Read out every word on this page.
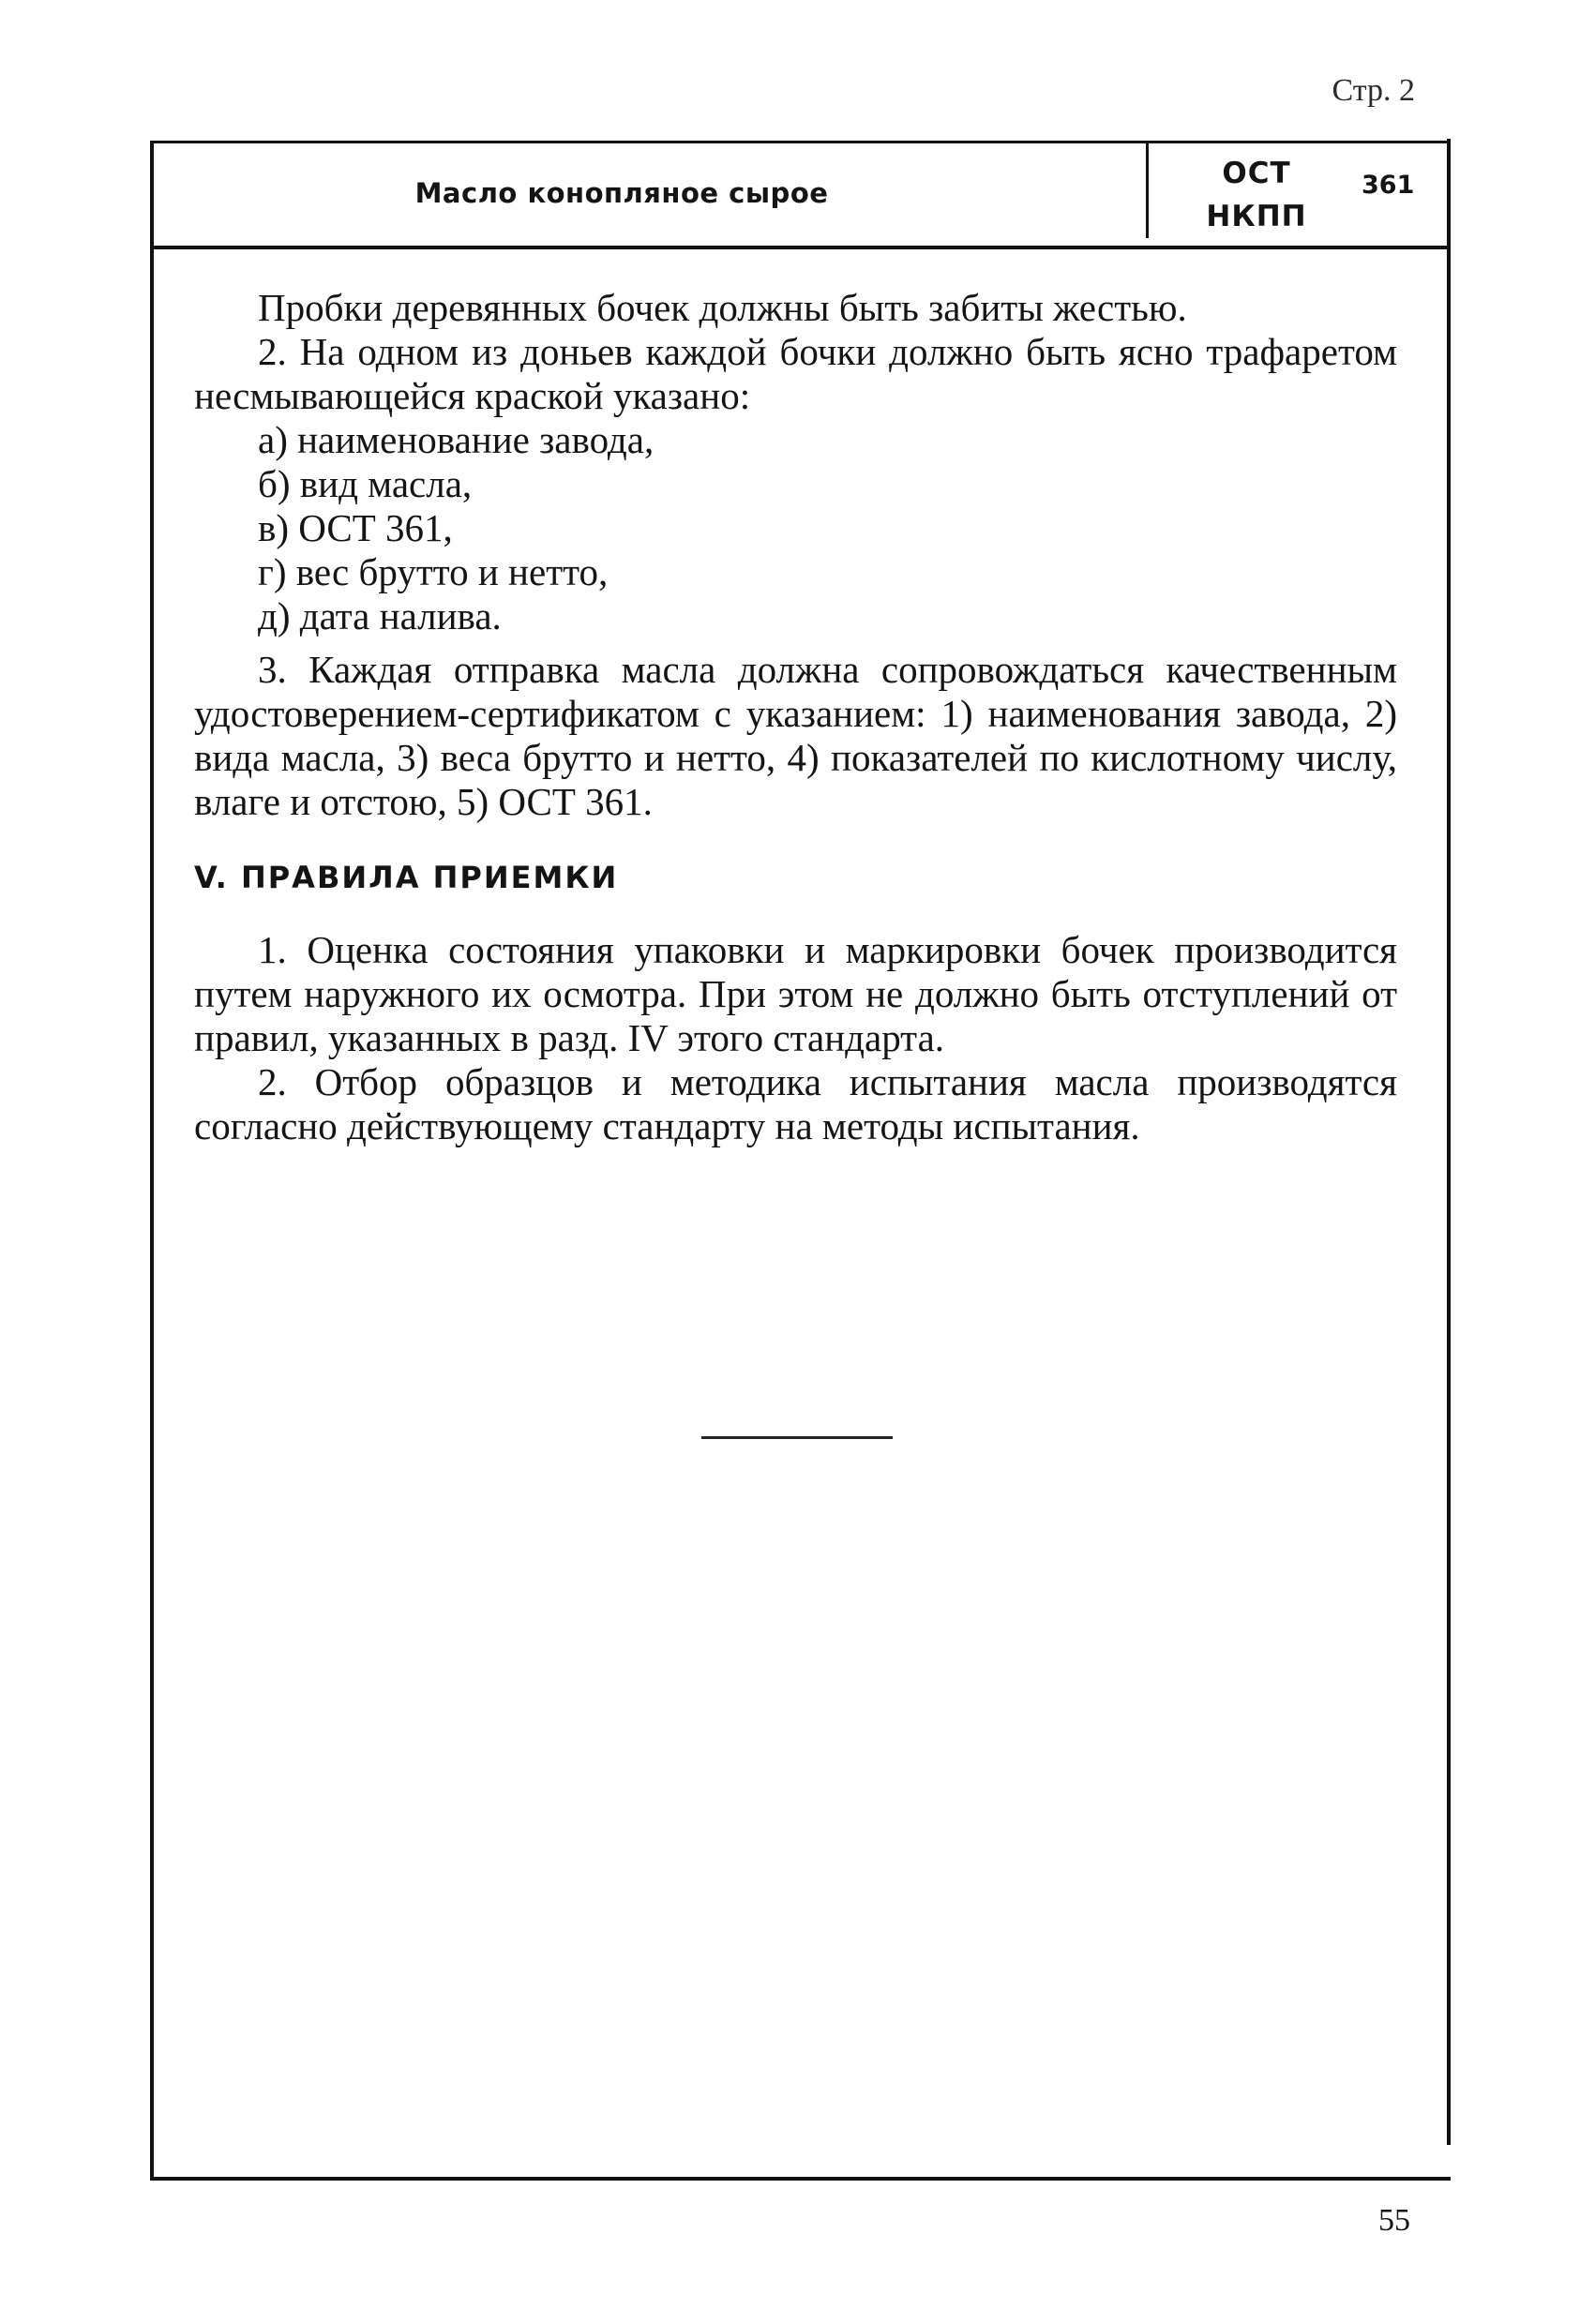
Стр. 2
Масло конопляное сырое
ОСТ
НКПП
361

Пробки деревянных бочек должны быть забиты жестью.

2. На одном из доньев каждой бочки должно быть ясно трафаретом несмывающейся краской указано:

а) наименование завода,
б) вид масла,
в) ОСТ 361,
г) вес брутто и нетто,
д) дата налива.

3. Каждая отправка масла должна сопровождаться качественным удостоверением-сертификатом с указанием: 1) наименования завода, 2) вида масла, 3) веса брутто и нетто, 4) показателей по кислотному числу, влаге и отстою, 5) ОСТ 361.

V. ПРАВИЛА ПРИЕМКИ

1. Оценка состояния упаковки и маркировки бочек производится путем наружного их осмотра. При этом не должно быть отступлений от правил, указанных в разд. IV этого стандарта.

2. Отбор образцов и методика испытания масла производятся согласно действующему стандарту на методы испытания.

55
